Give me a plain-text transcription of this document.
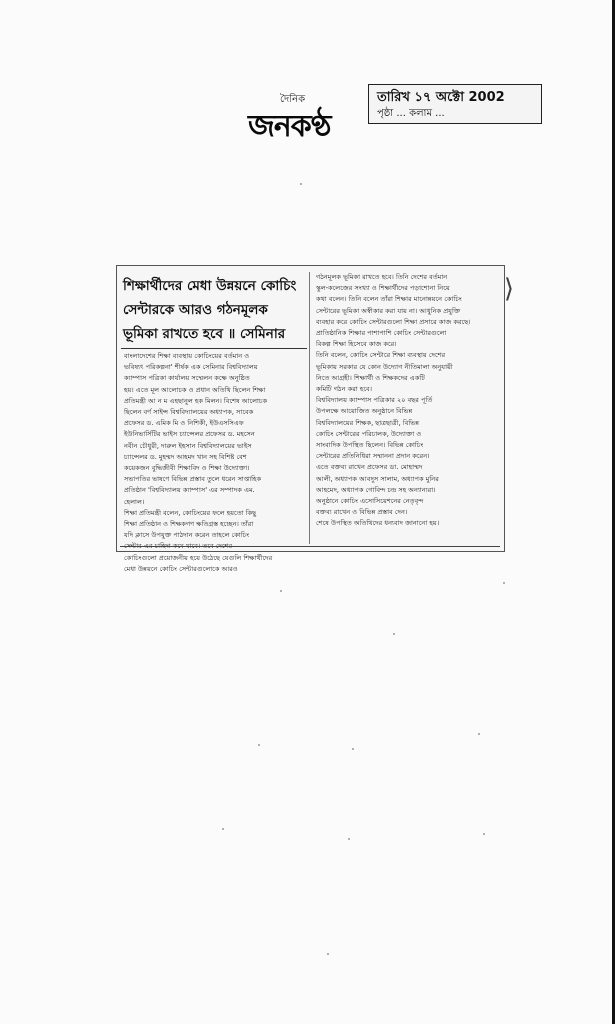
দৈনিক
জনকণ্ঠ
তারিখ ১৭ অক্টো 2002
পৃষ্ঠা ... কলাম ...
শিক্ষার্থীদের মেধা উন্নয়নে কোচিং
সেন্টারকে আরও গঠনমূলক
ভূমিকা রাখতে হবে ॥ সেমিনার
বাংলাদেশের শিক্ষা ব্যবস্থায় কোচিংয়ের বর্তমান ও
ভবিষ্যৎ পরিকল্পনা' শীর্ষক এক সেমিনার বিশ্ববিদ্যালয়
ক্যাম্পাস পত্রিকা কার্যালয় সম্মেলন কক্ষে অনুষ্ঠিত
হয়। এতে মূল আলোচক ও প্রধান অতিথি ছিলেন শিক্ষা
প্রতিমন্ত্রী আ ন ম এহছানুল হক মিলন। বিশেষ আলোচক
ছিলেন বর্ণ সাইন্স বিশ্ববিদ্যালয়ের অধ্যাপক, সাবেক
প্রফেসর ড. এমিক মি ও নিশিকী, ইউএসসিএফ
ইউনিভার্সিটির ভাইস চ্যান্সেলর প্রফেসর ড. মহসেন
নবীন চৌধুরী, দারুল ইহসান বিশ্ববিদ্যালয়ের ভাইস
চ্যান্সেলর ড. মুহম্মদ আহমদ খান সহ বিশিষ্ট বেশ
কয়েকজন বুদ্ধিজীবী শিক্ষাবিদ ও শিক্ষা উদ্যোক্তা।
সভাপতির ভাষণে বিভিন্ন প্রস্তাব তুলে ধরেন সাপ্তাহিক
প্রতিষ্ঠান 'বিশ্ববিদ্যালয় ক্যাম্পাস' এর সম্পাদক এম.
হেলাল।
শিক্ষা প্রতিমন্ত্রী বলেন, কোচিংয়ের ফলে হয়তো কিছু
শিক্ষা প্রতিষ্ঠান ও শিক্ষকগণ ক্ষতিগ্রস্ত হচ্ছেন। তাঁরা
যদি ক্লাসে উপযুক্ত পাঠদান করেন তাহলে কোচিং
কোচিংগুলো প্রয়োজনীয় হয়ে উঠেছে যেগুলি শিক্ষার্থীদের
মেধা উন্নয়নে কোচিং সেন্টারগুলোকে আরও
গঠনমূলক ভূমিকা রাখতে হবে। তিনি দেশের বর্তমান
স্কুল-কলেজের সংখ্যা ও শিক্ষার্থীদের পড়াশোনা নিয়ে
কথা বলেন। তিনি বলেন তাঁরা শিক্ষার মানোন্নয়নে কোচিং
সেন্টারের ভূমিকা অস্বীকার করা যায় না। আধুনিক প্রযুক্তি
ব্যবহার করে কোচিং সেন্টারগুলো শিক্ষা প্রসারে কাজ করছে।
প্রাতিষ্ঠানিক শিক্ষার পাশাপাশি কোচিং সেন্টারগুলো
বিকল্প শিক্ষা হিসেবে কাজ করে।
তিনি বলেন, কোচিং সেন্টারে শিক্ষা ব্যবস্থায় দেশের
ভূমিকায় সরকার যে কোন উদ্যোগ নীতিমালা অনুযায়ী
নিতে আগ্রহী। শিক্ষার্থী ও শিক্ষকদের একটি
কমিটি গঠন করা হবে।
বিশ্ববিদ্যালয় ক্যাম্পাস পত্রিকার ২০ বছর পূর্তি
উপলক্ষে আয়োজিত অনুষ্ঠানে বিভিন্ন
বিশ্ববিদ্যালয়ের শিক্ষক, ছাত্রছাত্রী, বিভিন্ন
কোচিং সেন্টারের পরিচালক, উদ্যোক্তা ও
সাংবাদিক উপস্থিত ছিলেন। বিভিন্ন কোচিং
সেন্টারের প্রতিনিধিরা সম্মাননা প্রদান করেন।
এতে বক্তব্য রাখেন প্রফেসর ডা. মোহাম্মদ
আলী, অধ্যাপক আবদুস সালাম, অধ্যাপক মুনির
আহমেদ, অধ্যাপক গোবিন্দ চন্দ্র সহ অন্যান্যরা।
অনুষ্ঠানে কোচিং এসোসিয়েশনের নেতৃবৃন্দ
বক্তব্য রাখেন ও বিভিন্ন প্রস্তাব দেন।
শেষে উপস্থিত অতিথিদের ধন্যবাদ জানানো হয়।
⟩
